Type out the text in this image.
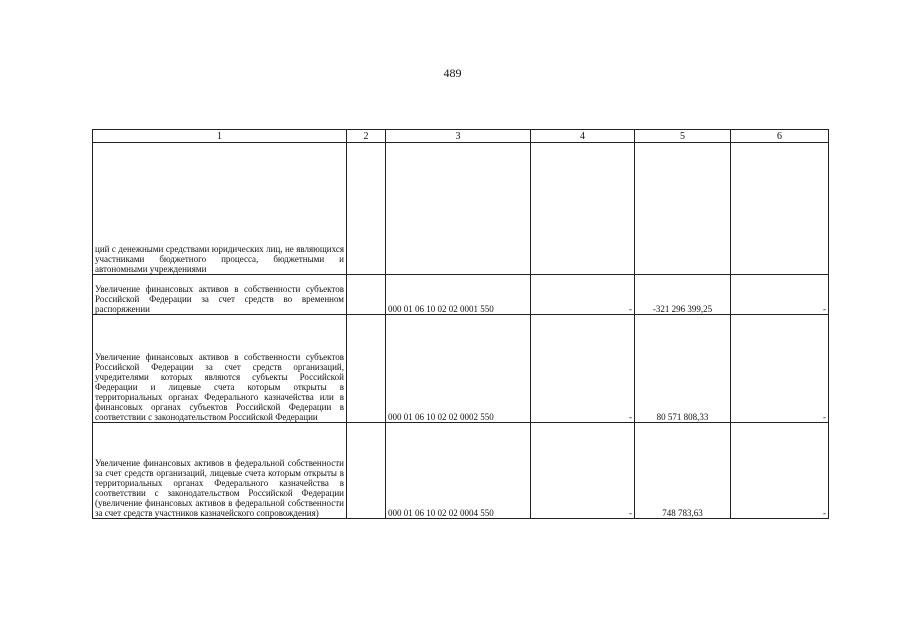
489
1	2	3	4	5	6
ций с денежными средствами юридических лиц, не являющихся участниками бюджетного процесса, бюджетными и автономными учреждениями					
Увеличение финансовых активов в собственности субъектов Российской Федерации за счет средств во временном распоряжении		000 01 06 10 02 02 0001 550	-	-321 296 399,25	-
Увеличение финансовых активов в собственности субъектов Российской Федерации за счет средств организаций, учредителями которых являются субъекты Российской Федерации и лицевые счета которым открыты в территориальных органах Федерального казначейства или в финансовых органах субъектов Российской Федерации в соответствии с законодательством Российской Федерации		000 01 06 10 02 02 0002 550	-	80 571 808,33	-
Увеличение финансовых активов в федеральной собственности за счет средств организаций, лицевые счета которым открыты в территориальных органах Федерального казначейства в соответствии с законодательством Российской Федерации (увеличение финансовых активов в федеральной собственности за счет средств участников казначейского сопровождения)		000 01 06 10 02 02 0004 550	-	748 783,63	-
